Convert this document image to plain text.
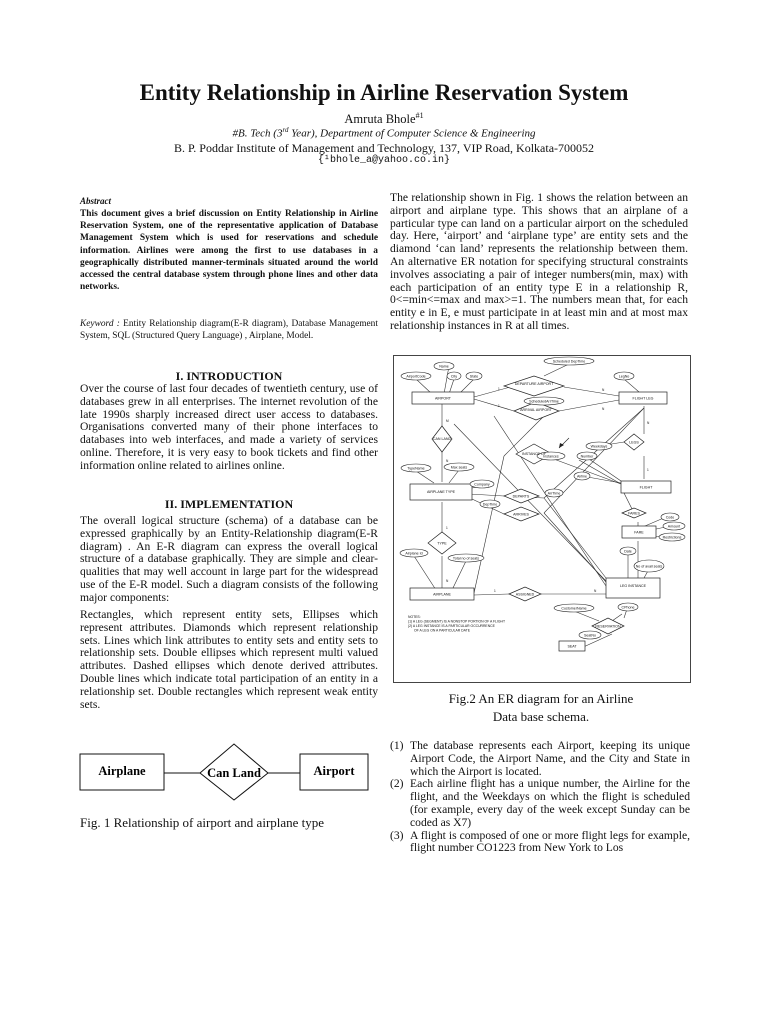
Entity Relationship in Airline Reservation System
Amruta Bhole$^{\#1}$
#B. Tech (3rd Year), Department of Computer Science & Engineering
B. P. Poddar Institute of Management and Technology, 137, VIP Road, Kolkata-700052
{¹bhole_a@yahoo.co.in}
Abstract
This document gives a brief discussion on Entity Relationship in Airline Reservation System, one of the representative application of Database Management System which is used for reservations and schedule information. Airlines were among the first to use databases in a geographically distributed manner-terminals situated around the world accessed the central database system through phone lines and other data networks.
Keyword : Entity Relationship diagram(E-R diagram), Database Management System, SQL (Structured Query Language) , Airplane, Model.
I. INTRODUCTION
Over the course of last four decades of twentieth century, use of databases grew in all enterprises. The internet revolution of the late 1990s sharply increased direct user access to databases. Organisations converted many of their phone interfaces to databases into web interfaces, and made a variety of services online. Therefore, it is very easy to book tickets and find other information online related to airlines online.
II. IMPLEMENTATION
The overall logical structure (schema) of a database can be expressed graphically by an Entity-Relationship diagram(E-R diagram) . An E-R diagram can express the overall logical structure of a database graphically. They are simple and clear-qualities that may well account in large part for the widespread use of the E-R model. Such a diagram consists of the following major components:
Rectangles, which represent entity sets, Ellipses which represent attributes. Diamonds which represent relationship sets. Lines which link attributes to entity sets and entity sets to relationship sets. Double ellipses which represent multi valued attributes. Dashed ellipses which denote derived attributes. Double lines which indicate total participation of an entity in a relationship set. Double rectangles which represent weak entity sets.
Airplane	Can Land	Airport
Fig. 1 Relationship of airport and airplane type
The relationship shown in Fig. 1 shows the relation between an airport and airplane type. This shows that an airplane of a particular type can land on a particular airport on the scheduled day. Here, ‘airport’ and ‘airplane type’ are entity sets and the diamond ‘can land’ represents the relationship between them. An alternative ER notation for specifying structural constraints involves associating a pair of integer numbers(min, max) with each participation of an entity type E in a relationship R, 0<=min<=max and max>=1. The numbers mean that, for each entity e in E, e must participate in at least min and at most max relationship instances in R at all times.
Name
AirportCode	City	State
Scheduled DepTime
AIRPORT
DEPARTURE AIRPORT
ScheduledArrTime
ARRIVAL AIRPORT
LegNo
FLIGHT LEG
CAN LAND
INSTANCE OF
Instances
LEGS
Weekdays
Number
Airline
FLIGHT
TypeName	Max seats
Company
AIRPLANE TYPE
DEPARTS
ARRIVES
ArrTime
DepTime
FARES
Code
Amount
Restrictions
FARE
TYPE
Date
No of avail seats
Airplane Id
Total no of seats
AIRPLANE	ASSIGNED
LEG INSTANCE
CustomerName	CPhone
RESERVATION
SeatNo
SEAT
NOTES:
(1) A LEG (SEGMENT) IS A NONSTOP PORTION OF A FLIGHT
(2) A LEG INSTANCE IS A PARTICULAR OCCURRENCE
OF A LEG ON A PARTICULAR DATE
1
1
N
N
M
N
1
N
N
1
N
1
Fig.2 An ER diagram for an Airline
Data base schema.
(1) The database represents each Airport, keeping its unique Airport Code, the Airport Name, and the City and State in which the Airport is located.
(2) Each airline flight has a unique number, the Airline for the flight, and the Weekdays on which the flight is scheduled (for example, every day of the week except Sunday can be coded as X7)
(3) A flight is composed of one or more flight legs for example, flight number CO1223 from New York to Los
